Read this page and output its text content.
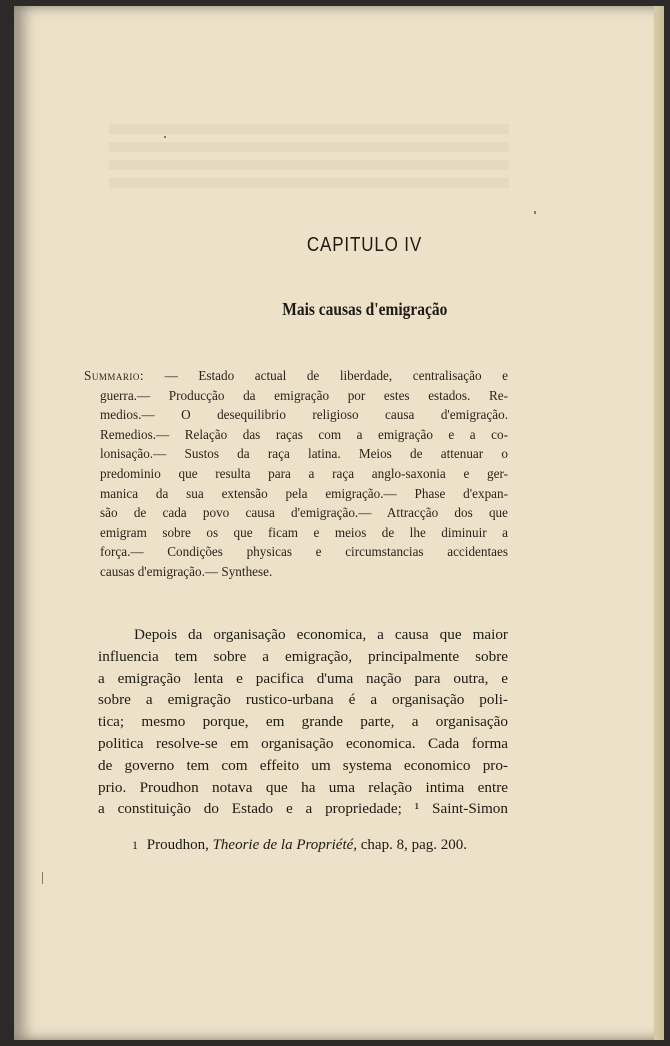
CAPITULO IV
Mais causas d'emigração
Summario: — Estado actual de liberdade, centralisação e
guerra.— Producção da emigração por estes estados. Re-
medios.— O desequilibrio religioso causa d'emigração.
Remedios.— Relação das raças com a emigração e a co-
lonisação.— Sustos da raça latina. Meios de attenuar o
predominio que resulta para a raça anglo-saxonia e ger-
manica da sua extensão pela emigração.— Phase d'expan-
são de cada povo causa d'emigração.— Attracção dos que
emigram sobre os que ficam e meios de lhe diminuir a
força.— Condições physicas e circumstancias accidentaes
causas d'emigração.— Synthese.
Depois da organisação economica, a causa que maior
influencia tem sobre a emigração, principalmente sobre
a emigração lenta e pacifica d'uma nação para outra, e
sobre a emigração rustico-urbana é a organisação poli-
tica; mesmo porque, em grande parte, a organisação
politica resolve-se em organisação economica. Cada forma
de governo tem com effeito um systema economico pro-
prio. Proudhon notava que ha uma relação intima entre
a constituição do Estado e a propriedade; ¹ Saint-Simon
1 Proudhon, Theorie de la Propriété, chap. 8, pag. 200.
